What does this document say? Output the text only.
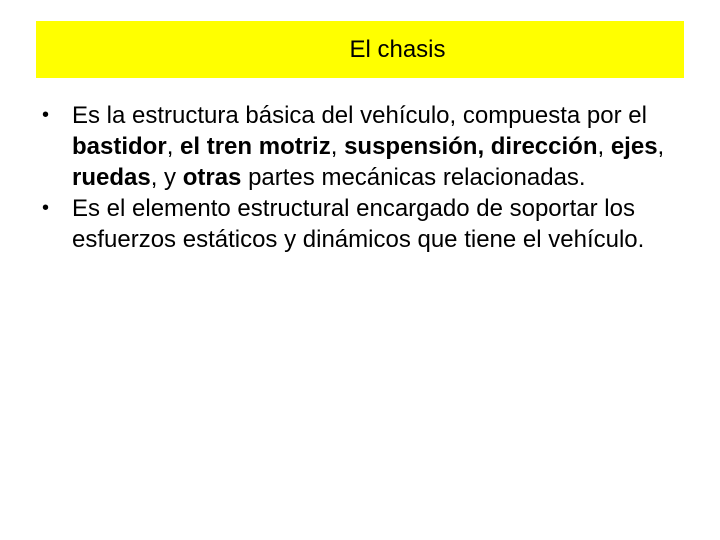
El chasis
• Es la estructura básica del vehículo, compuesta por el bastidor, el tren motriz, suspensión, dirección, ejes, ruedas, y otras partes mecánicas relacionadas.
• Es el elemento estructural encargado de soportar los esfuerzos estáticos y dinámicos que tiene el vehículo.
